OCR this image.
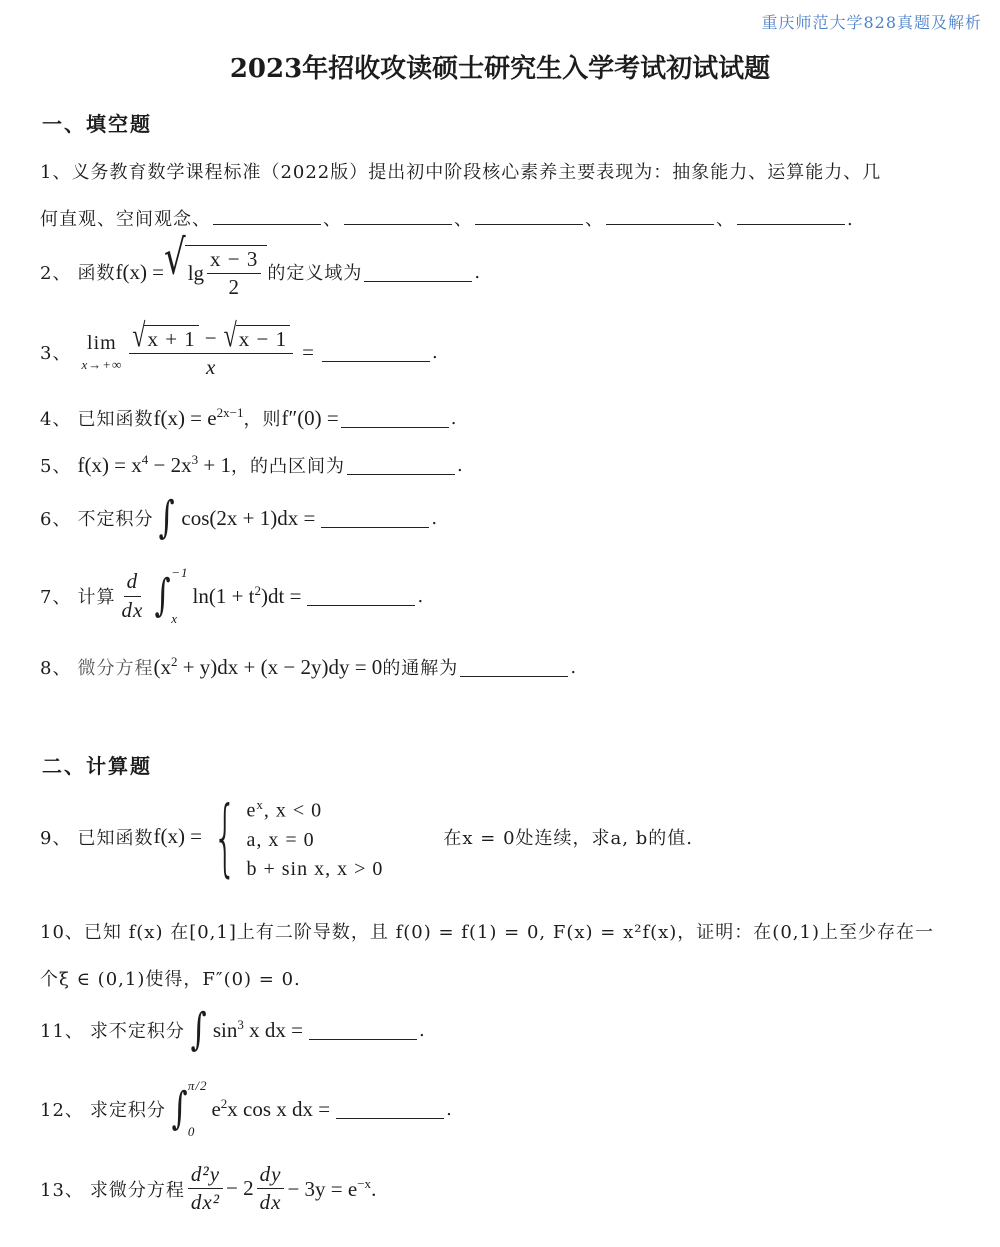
重庆师范大学828真题及解析
2023年招收攻读硕士研究生入学考试初试试题
一、填空题
1、义务教育数学课程标准（2022版）提出初中阶段核心素养主要表现为：抽象能力、运算能力、几
何直观、空间观念、	、	、	、	、	.
2、 函数 f(x) = √ $\lg \frac{x - 3}{2}$ 的定义域为	.
3、 lim
$x\to+\infty \frac{√ x + 1 - √ x - 1}{x}$ =	.
4、 已知函数 $f(x) = e^{2x-1}$ ，则 f″(0) =	.
5、 $f(x) = x^4 - 2x^3 + 1$ ，的凸区间为	.
6、 不定积分 ∫ cos(2x + 1)dx =	.
7、 计算 $\frac{d}{dx}$ ∫ −1
x
$\ln(1 + t^2)dt$ =	.
8、 微分方程 $(x^2 + y)dx + (x - 2y)dy = 0$ 的通解为	.
二、计算题
9、 已知函数 f(x) = { $e^x$, x < 0
a, x = 0
b + sin x, x > 0
在x = 0处连续，求a, b的值.
10、已知 f(x) 在[0,1]上有二阶导数，且 f(0) = f(1) = 0, F(x) = x²f(x)，证明：在(0,1)上至少存在一
个ξ ∈ (0,1)使得，F″(0) = 0.
11、 求不定积分 ∫ $\sin^3 x$ dx =	.
12、 求定积分 ∫ π/2
0
$e^2x$ cos x dx =	.
13、 求微分方程 $\frac{\text{d²y}}{\text{dx²}} - 2 \frac{dy}{dx} - 3y = e^{-x}$.
